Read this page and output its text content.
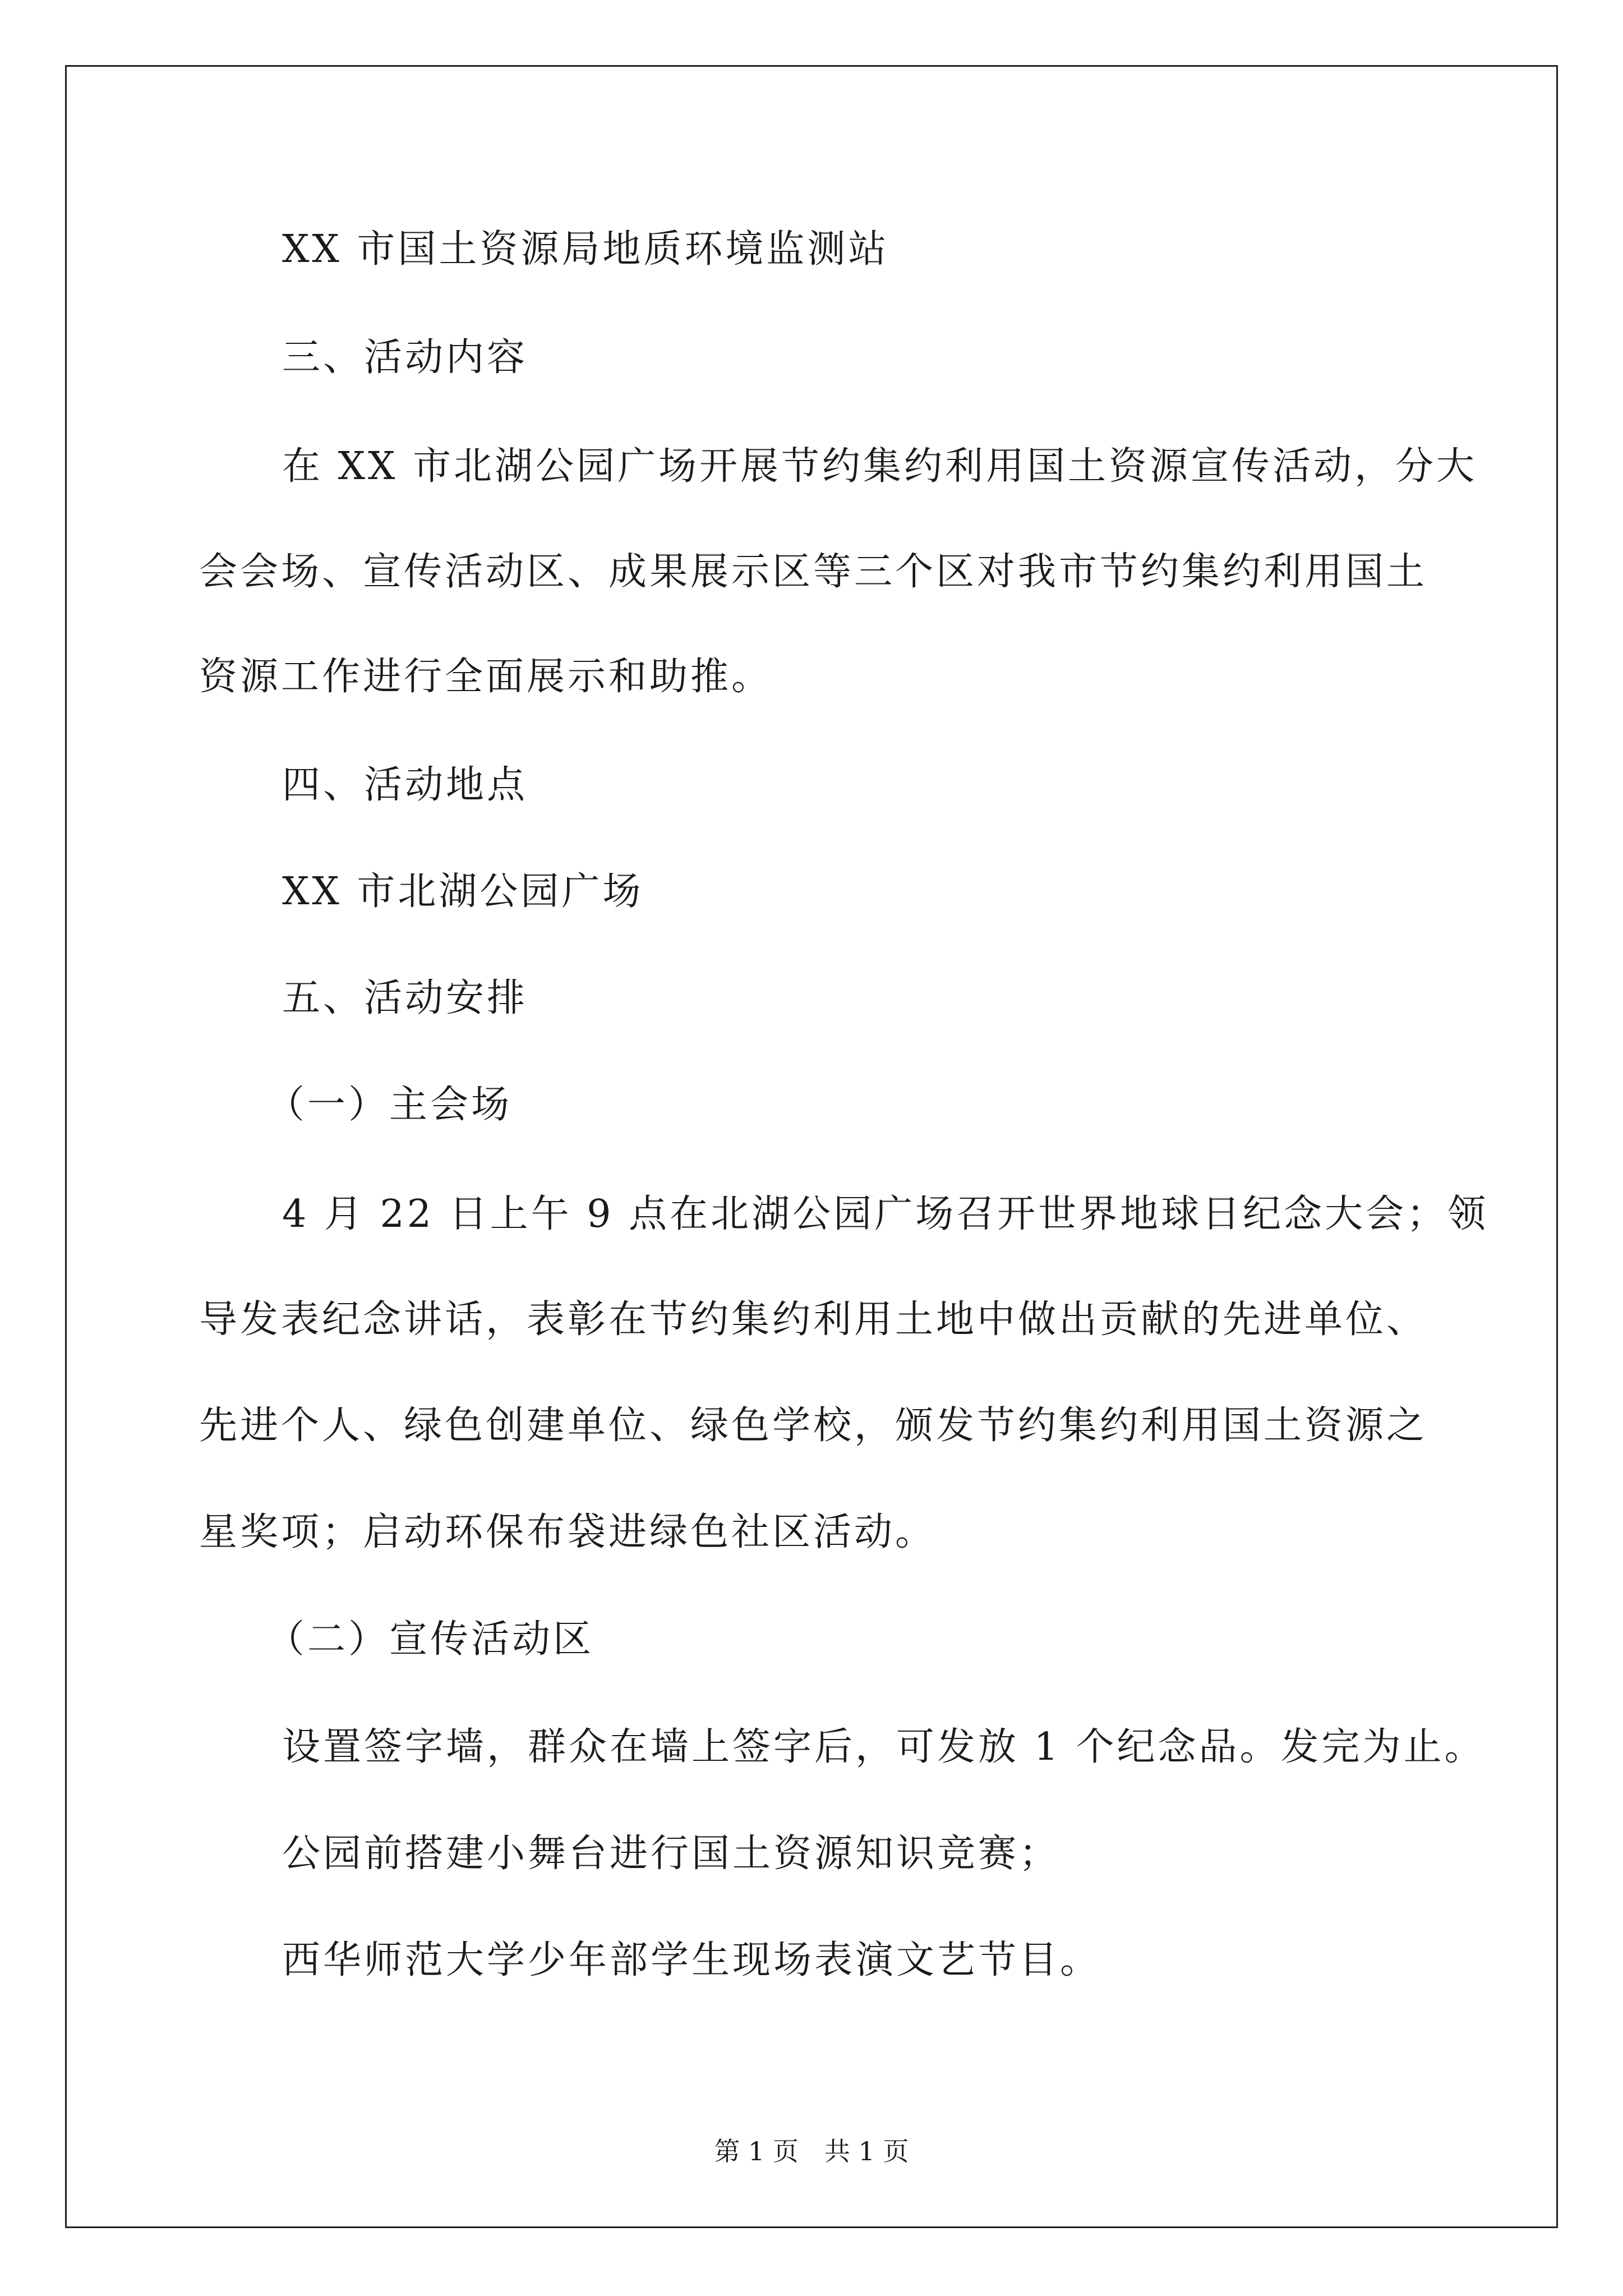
XX 市国土资源局地质环境监测站
三、活动内容
在 XX 市北湖公园广场开展节约集约利用国土资源宣传活动，分大
会会场、宣传活动区、成果展示区等三个区对我市节约集约利用国土
资源工作进行全面展示和助推。
四、活动地点
XX 市北湖公园广场
五、活动安排
（一）主会场
4 月 22 日上午 9 点在北湖公园广场召开世界地球日纪念大会；领
导发表纪念讲话，表彰在节约集约利用土地中做出贡献的先进单位、
先进个人、绿色创建单位、绿色学校，颁发节约集约利用国土资源之
星奖项；启动环保布袋进绿色社区活动。
（二）宣传活动区
设置签字墙，群众在墙上签字后，可发放 1 个纪念品。发完为止。
公园前搭建小舞台进行国土资源知识竞赛；
西华师范大学少年部学生现场表演文艺节目。
第 1 页　共 1 页
